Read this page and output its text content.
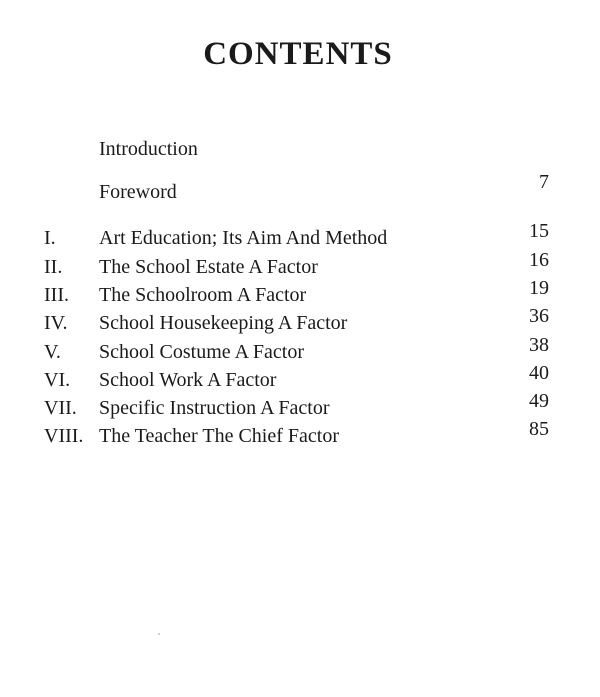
CONTENTS
Introduction
Foreword	7
I. Art Education; Its Aim And Method	15
II. The School Estate A Factor	16
III. The Schoolroom A Factor	19
IV. School Housekeeping A Factor	36
V. School Costume A Factor	38
VI. School Work A Factor	40
VII. Specific Instruction A Factor	49
VIII. The Teacher The Chief Factor	85
